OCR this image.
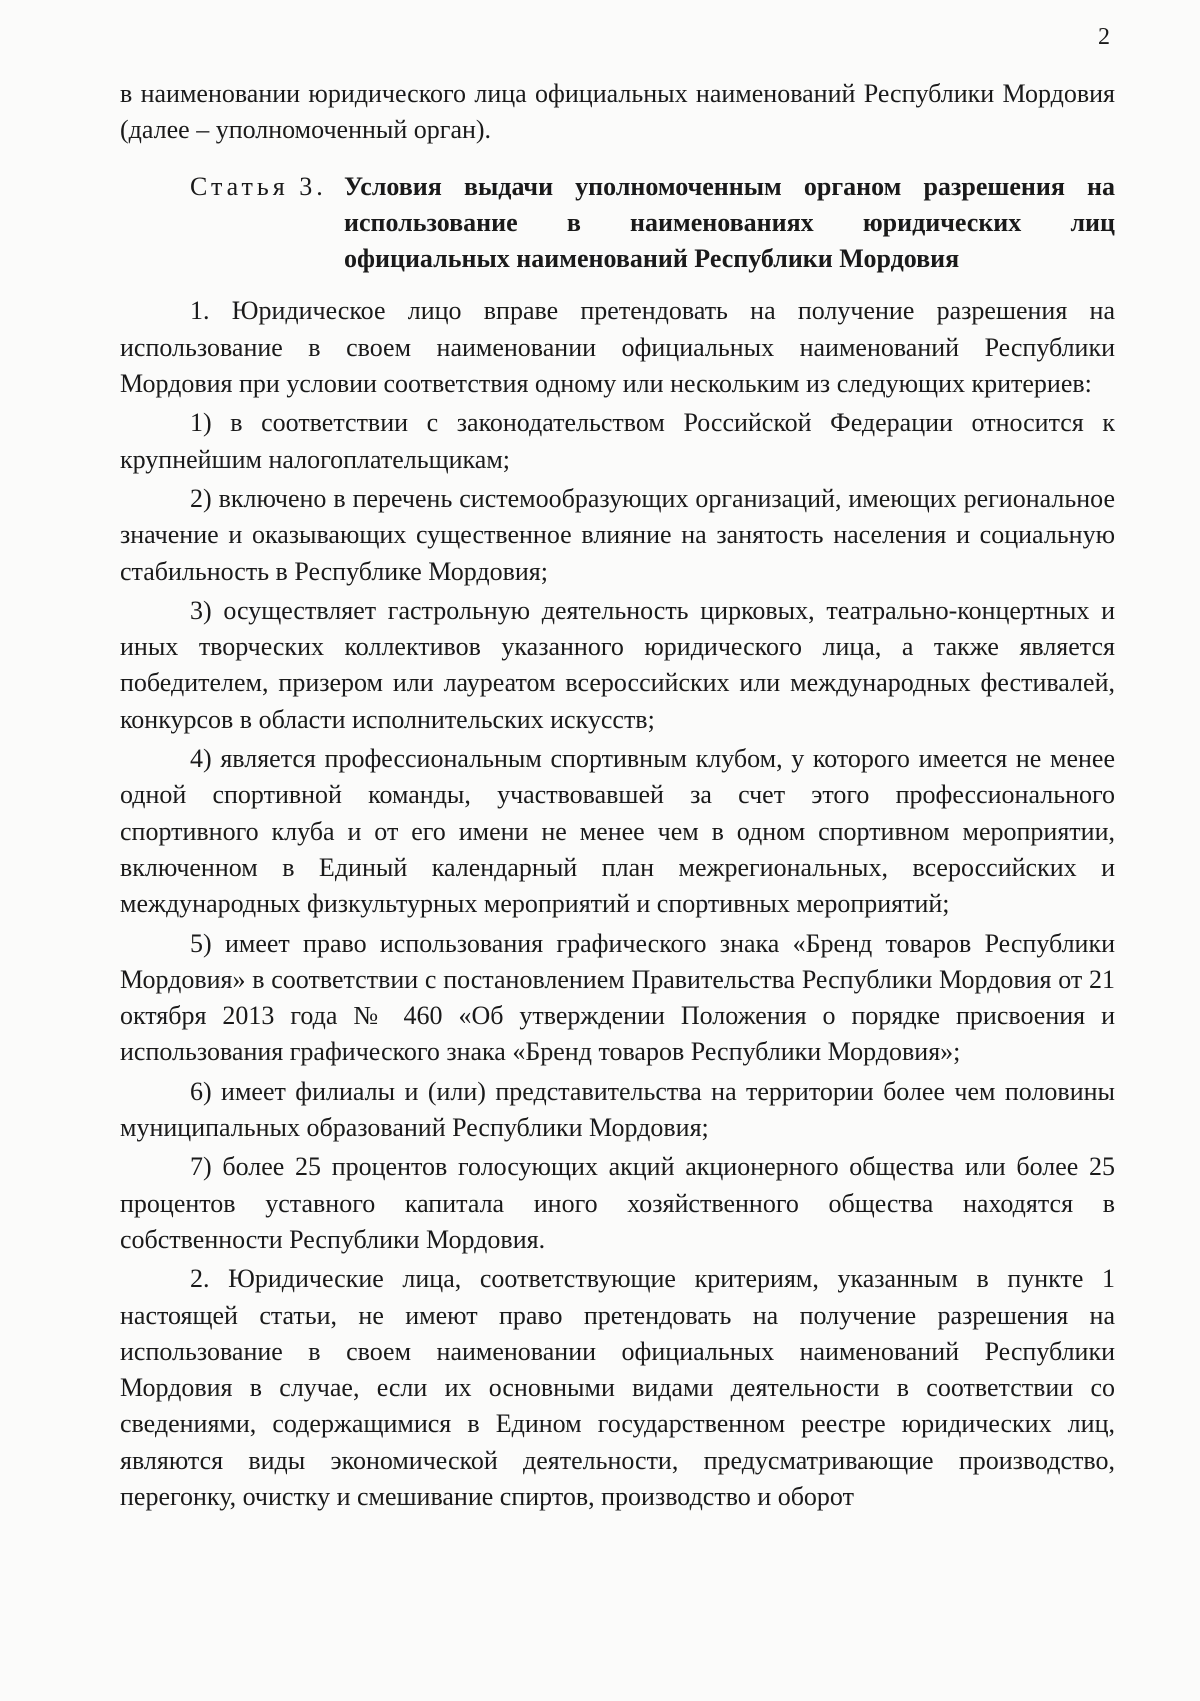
2

в наименовании юридического лица официальных наименований Республики Мордовия (далее – уполномоченный орган).

Статья 3. Условия выдачи уполномоченным органом разрешения на использование в наименованиях юридических лиц официальных наименований Республики Мордовия

1. Юридическое лицо вправе претендовать на получение разрешения на использование в своем наименовании официальных наименований Республики Мордовия при условии соответствия одному или нескольким из следующих критериев:

1) в соответствии с законодательством Российской Федерации относится к крупнейшим налогоплательщикам;

2) включено в перечень системообразующих организаций, имеющих региональное значение и оказывающих существенное влияние на занятость населения и социальную стабильность в Республике Мордовия;

3) осуществляет гастрольную деятельность цирковых, театрально-концертных и иных творческих коллективов указанного юридического лица, а также является победителем, призером или лауреатом всероссийских или международных фестивалей, конкурсов в области исполнительских искусств;

4) является профессиональным спортивным клубом, у которого имеется не менее одной спортивной команды, участвовавшей за счет этого профессионального спортивного клуба и от его имени не менее чем в одном спортивном мероприятии, включенном в Единый календарный план межрегиональных, всероссийских и международных физкультурных мероприятий и спортивных мероприятий;

5) имеет право использования графического знака «Бренд товаров Республики Мордовия» в соответствии с постановлением Правительства Республики Мордовия от 21 октября 2013 года № 460 «Об утверждении Положения о порядке присвоения и использования графического знака «Бренд товаров Республики Мордовия»;

6) имеет филиалы и (или) представительства на территории более чем половины муниципальных образований Республики Мордовия;

7) более 25 процентов голосующих акций акционерного общества или более 25 процентов уставного капитала иного хозяйственного общества находятся в собственности Республики Мордовия.

2. Юридические лица, соответствующие критериям, указанным в пункте 1 настоящей статьи, не имеют право претендовать на получение разрешения на использование в своем наименовании официальных наименований Республики Мордовия в случае, если их основными видами деятельности в соответствии со сведениями, содержащимися в Едином государственном реестре юридических лиц, являются виды экономической деятельности, предусматривающие производство, перегонку, очистку и смешивание спиртов, производство и оборот
